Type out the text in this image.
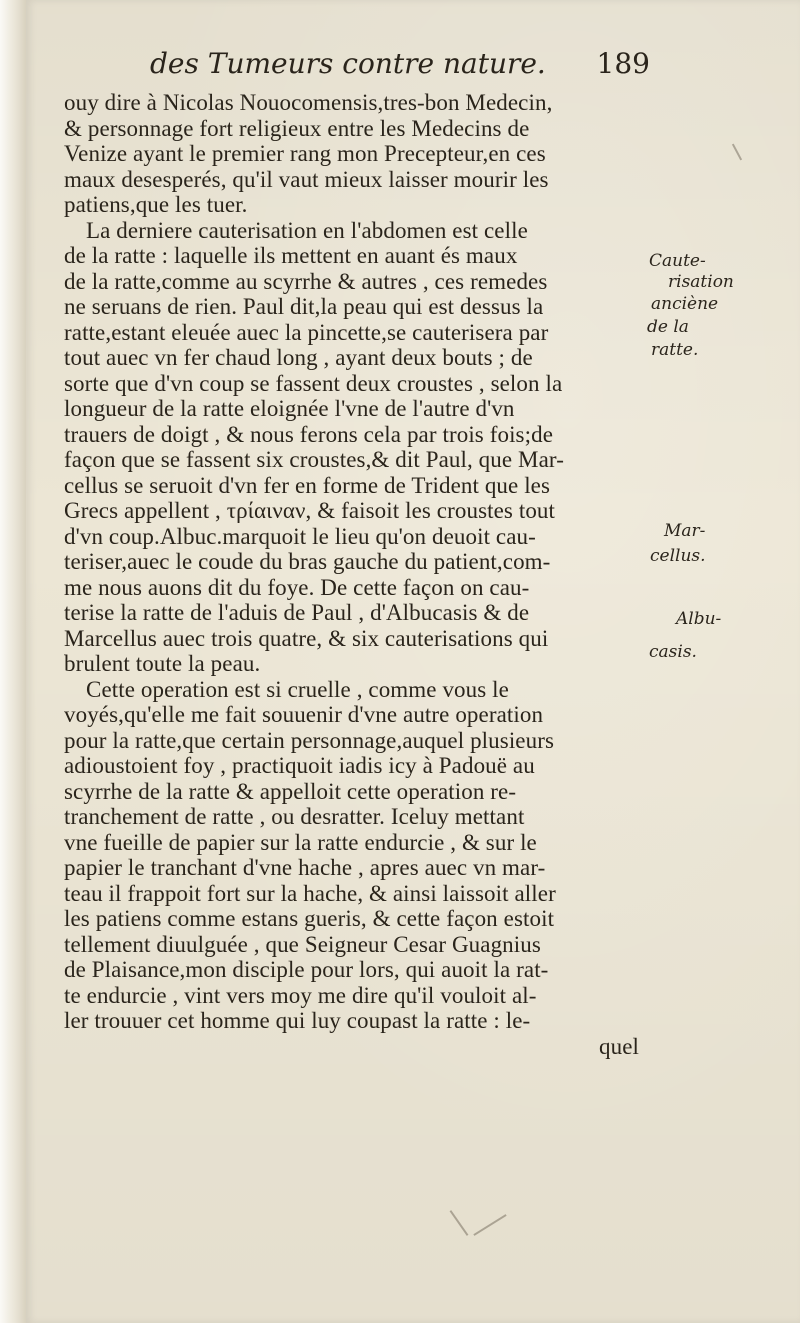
des Tumeurs contre nature. 189
ouy dire à Nicolas Nouocomensis,tres-bon Medecin,
& personnage fort religieux entre les Medecins de
Venize ayant le premier rang mon Precepteur,en ces
maux desesperés, qu'il vaut mieux laisser mourir les
patiens,que les tuer.
La derniere cauterisation en l'abdomen est celle
de la ratte : laquelle ils mettent en auant és maux
de la ratte,comme au scyrrhe & autres , ces remedes
ne seruans de rien. Paul dit,la peau qui est dessus la
ratte,estant eleuée auec la pincette,se cauterisera par
tout auec vn fer chaud long , ayant deux bouts ; de
sorte que d'vn coup se fassent deux croustes , selon la
longueur de la ratte eloignée l'vne de l'autre d'vn
trauers de doigt , & nous ferons cela par trois fois;de
façon que se fassent six croustes,& dit Paul, que Mar-
cellus se seruoit d'vn fer en forme de Trident que les
Grecs appellent , τρίαιναν, & faisoit les croustes tout
d'vn coup.Albuc.marquoit le lieu qu'on deuoit cau-
teriser,auec le coude du bras gauche du patient,com-
me nous auons dit du foye. De cette façon on cau-
terise la ratte de l'aduis de Paul , d'Albucasis & de
Marcellus auec trois quatre, & six cauterisations qui
brulent toute la peau.
Cette operation est si cruelle , comme vous le
voyés,qu'elle me fait souuenir d'vne autre operation
pour la ratte,que certain personnage,auquel plusieurs
adioustoient foy , practiquoit iadis icy à Padouë au
scyrrhe de la ratte & appelloit cette operation re-
tranchement de ratte , ou desratter. Iceluy mettant
vne fueille de papier sur la ratte endurcie , & sur le
papier le tranchant d'vne hache , apres auec vn mar-
teau il frappoit fort sur la hache, & ainsi laissoit aller
les patiens comme estans gueris, & cette façon estoit
tellement diuulguée , que Seigneur Cesar Guagnius
de Plaisance,mon disciple pour lors, qui auoit la rat-
te endurcie , vint vers moy me dire qu'il vouloit al-
ler trouuer cet homme qui luy coupast la ratte : le-
quel
Caute-
risation
anciène
de la
ratte.
Mar-
cellus.
Albu-
casis.
